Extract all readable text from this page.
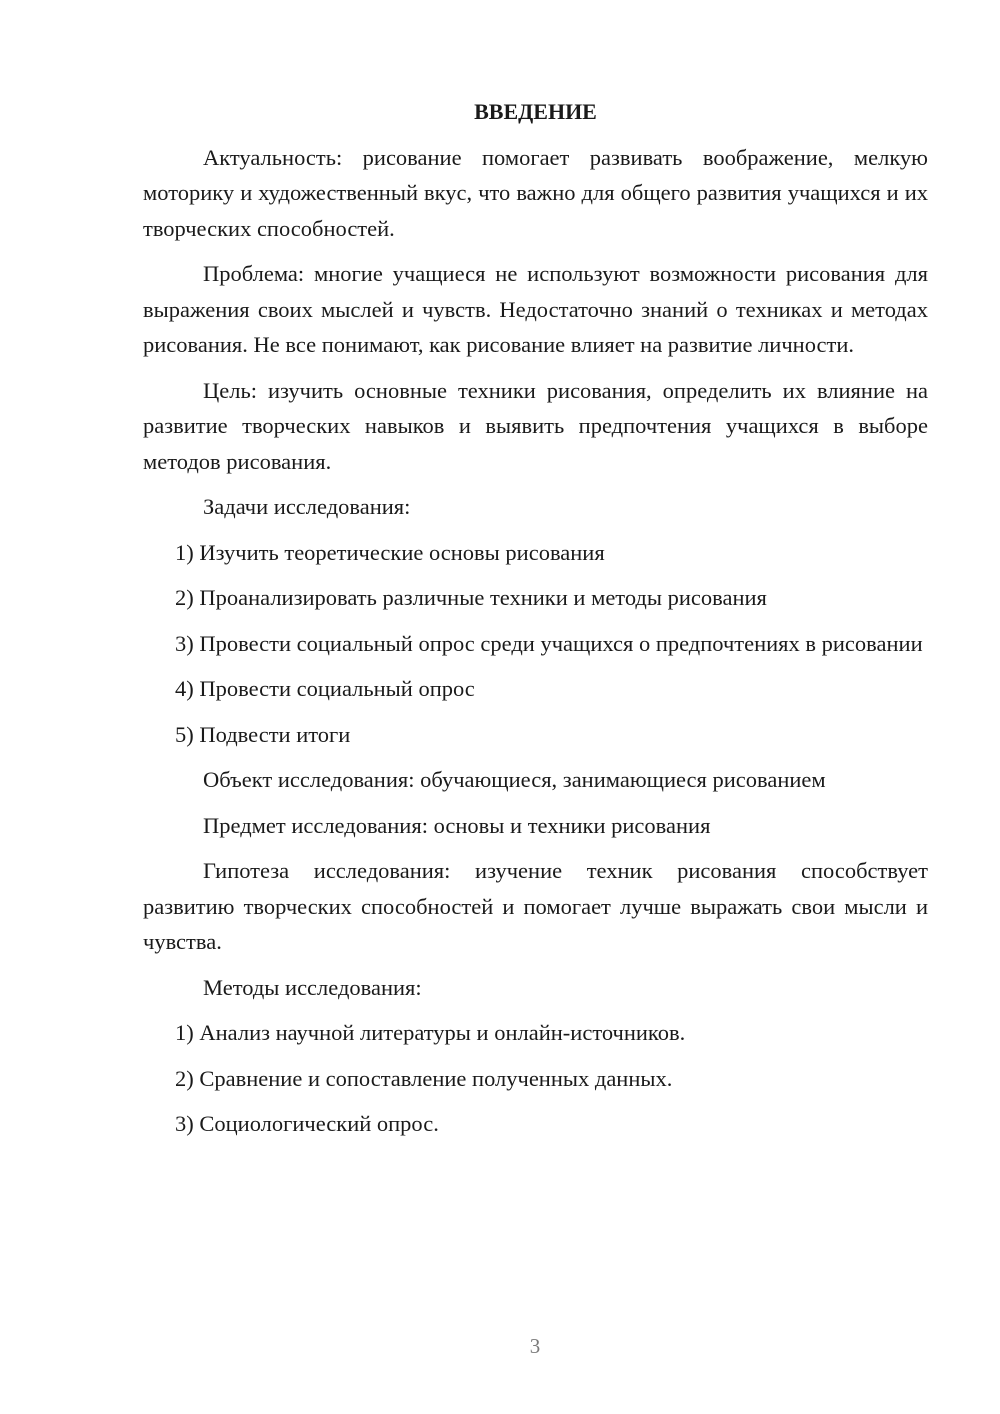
ВВЕДЕНИЕ

Актуальность: рисование помогает развивать воображение, мелкую моторику и художественный вкус, что важно для общего развития учащихся и их творческих способностей.

Проблема: многие учащиеся не используют возможности рисования для выражения своих мыслей и чувств. Недостаточно знаний о техниках и методах рисования. Не все понимают, как рисование влияет на развитие личности.

Цель: изучить основные техники рисования, определить их влияние на развитие творческих навыков и выявить предпочтения учащихся в выборе методов рисования.

Задачи исследования:

1) Изучить теоретические основы рисования

2) Проанализировать различные техники и методы рисования

3) Провести социальный опрос среди учащихся о предпочтениях в рисовании

4) Провести социальный опрос

5) Подвести итоги

Объект исследования: обучающиеся, занимающиеся рисованием

Предмет исследования: основы и техники рисования

Гипотеза исследования: изучение техник рисования способствует развитию творческих способностей и помогает лучше выражать свои мысли и чувства.

Методы исследования:

1) Анализ научной литературы и онлайн-источников.

2) Сравнение и сопоставление полученных данных.

3) Социологический опрос.

3
